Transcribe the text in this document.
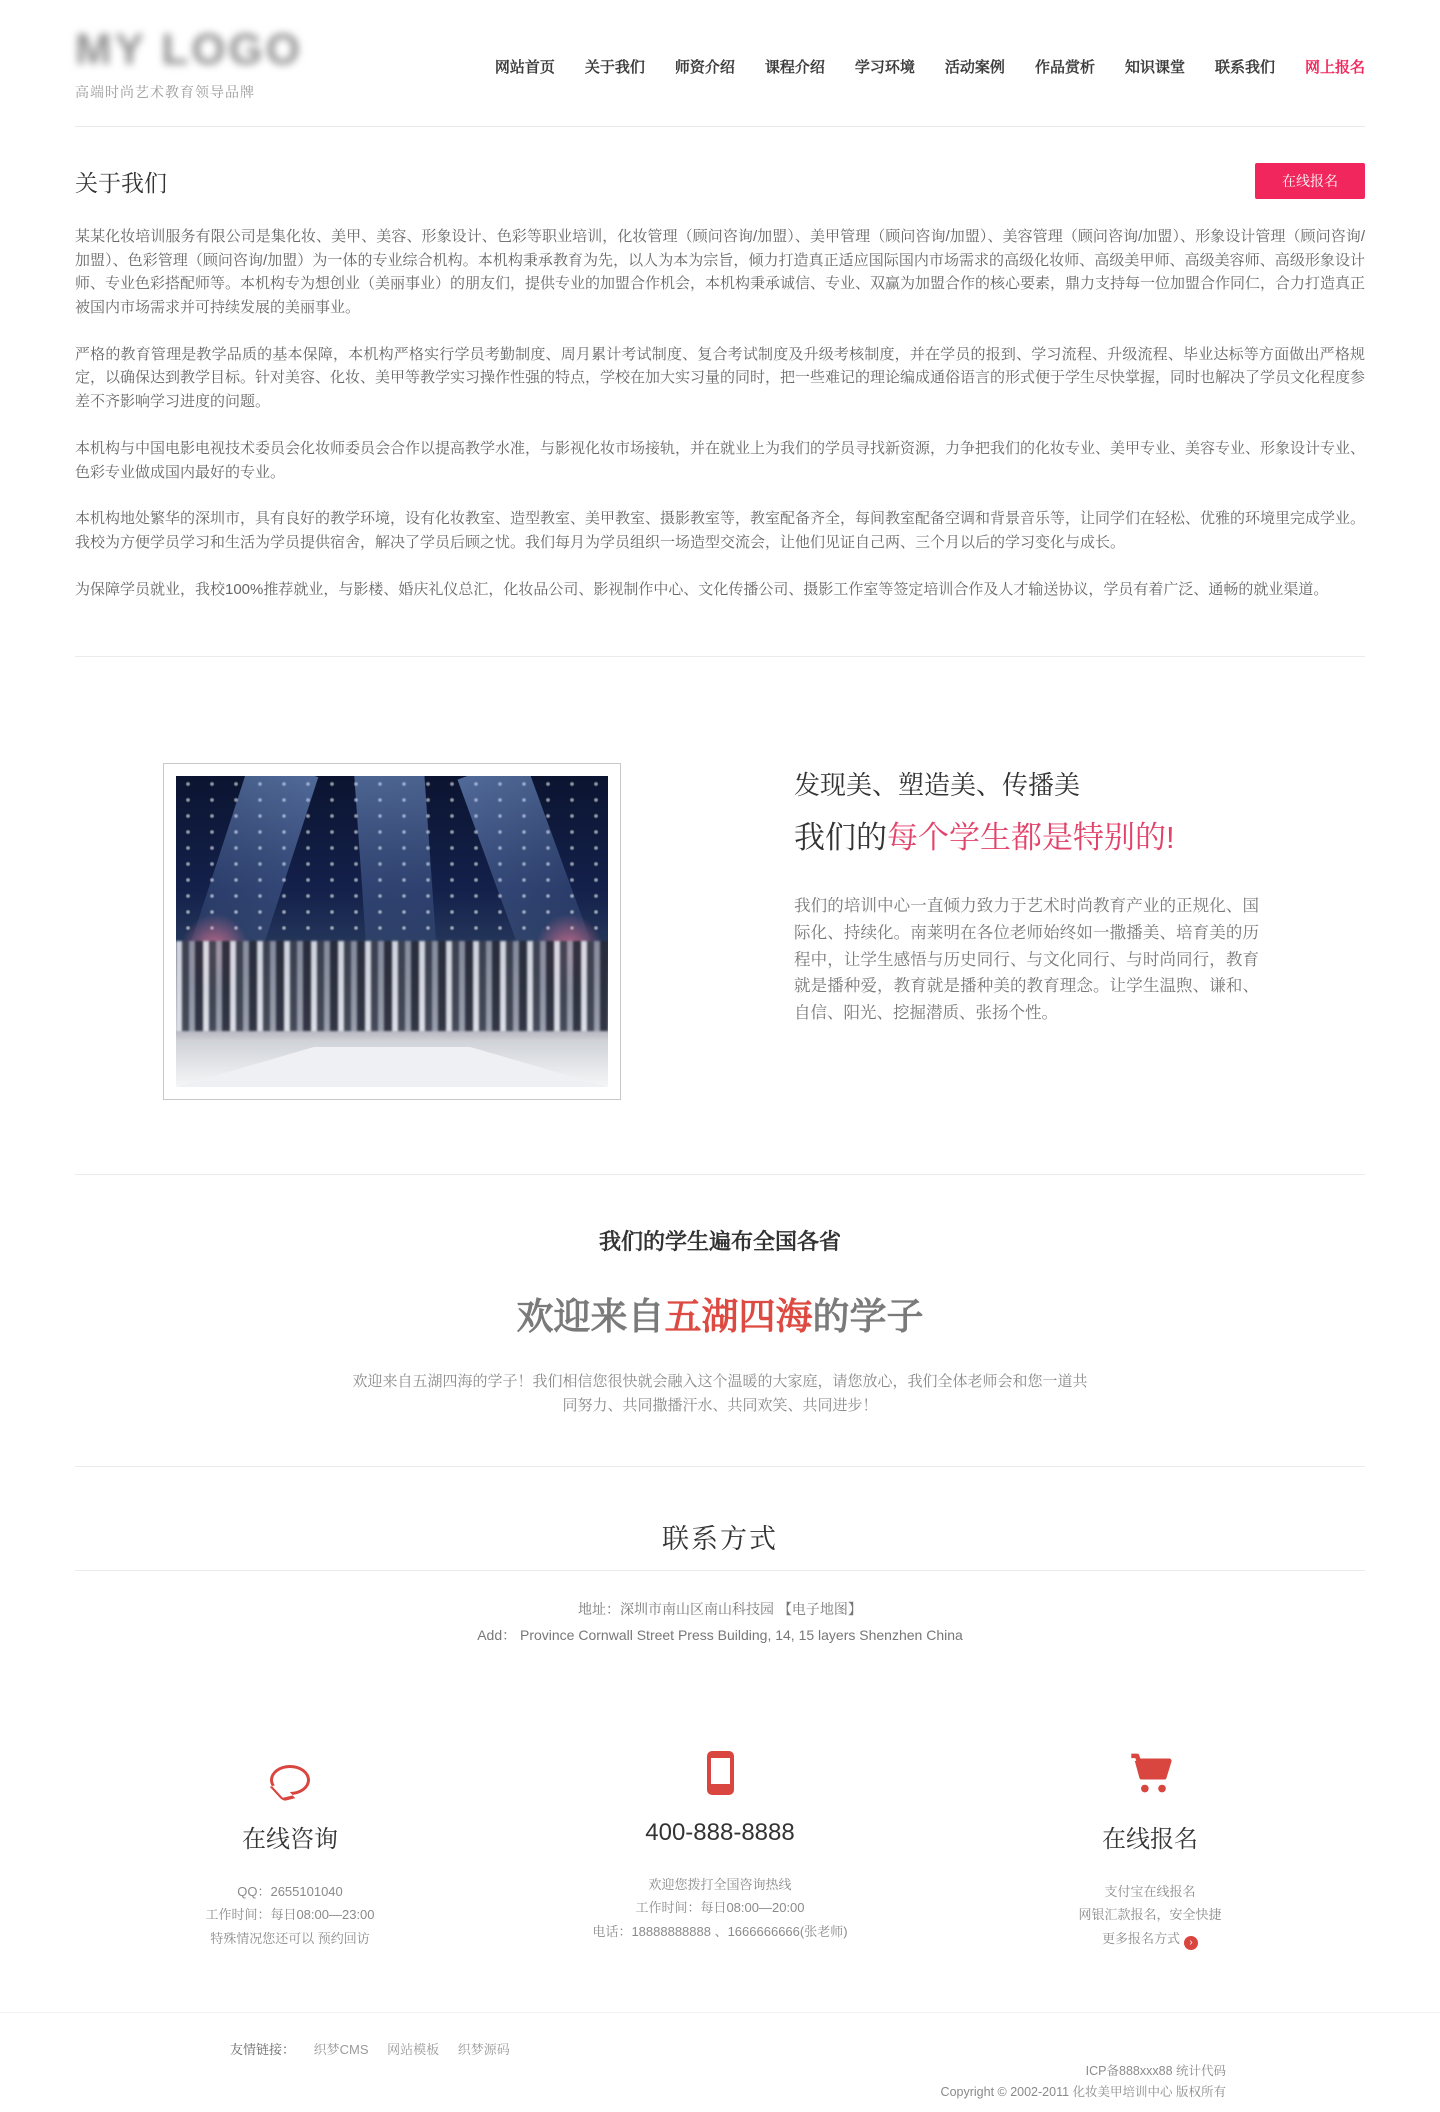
MY LOGO
高端时尚艺术教育领导品牌
网站首页 关于我们 师资介绍 课程介绍 学习环境 活动案例 作品赏析 知识课堂 联系我们 网上报名
关于我们	在线报名

某某化妆培训服务有限公司是集化妆、美甲、美容、形象设计、色彩等职业培训，化妆管理（顾问咨询/加盟）、美甲管理（顾问咨询/加盟）、美容管理（顾问咨询/加盟）、形象设计管理（顾问咨询/加盟）、色彩管理（顾问咨询/加盟）为一体的专业综合机构。本机构秉承教育为先，以人为本为宗旨，倾力打造真正适应国际国内市场需求的高级化妆师、高级美甲师、高级美容师、高级形象设计师、专业色彩搭配师等。本机构专为想创业（美丽事业）的朋友们，提供专业的加盟合作机会，本机构秉承诚信、专业、双赢为加盟合作的核心要素，鼎力支持每一位加盟合作同仁，合力打造真正被国内市场需求并可持续发展的美丽事业。

严格的教育管理是教学品质的基本保障，本机构严格实行学员考勤制度、周月累计考试制度、复合考试制度及升级考核制度，并在学员的报到、学习流程、升级流程、毕业达标等方面做出严格规定，以确保达到教学目标。针对美容、化妆、美甲等教学实习操作性强的特点，学校在加大实习量的同时，把一些难记的理论编成通俗语言的形式便于学生尽快掌握，同时也解决了学员文化程度参差不齐影响学习进度的问题。

本机构与中国电影电视技术委员会化妆师委员会合作以提高教学水准，与影视化妆市场接轨，并在就业上为我们的学员寻找新资源，力争把我们的化妆专业、美甲专业、美容专业、形象设计专业、色彩专业做成国内最好的专业。

本机构地处繁华的深圳市，具有良好的教学环境，设有化妆教室、造型教室、美甲教室、摄影教室等，教室配备齐全，每间教室配备空调和背景音乐等，让同学们在轻松、优雅的环境里完成学业。我校为方便学员学习和生活为学员提供宿舍，解决了学员后顾之忧。我们每月为学员组织一场造型交流会，让他们见证自己两、三个月以后的学习变化与成长。

为保障学员就业，我校100%推荐就业，与影楼、婚庆礼仪总汇，化妆品公司、影视制作中心、文化传播公司、摄影工作室等签定培训合作及人才输送协议，学员有着广泛、通畅的就业渠道。

发现美、塑造美、传播美
我们的每个学生都是特别的!

我们的培训中心一直倾力致力于艺术时尚教育产业的正规化、国际化、持续化。南莱明在各位老师始终如一撒播美、培育美的历程中，让学生感悟与历史同行、与文化同行、与时尚同行，教育就是播种爱，教育就是播种美的教育理念。让学生温煦、谦和、自信、阳光、挖掘潜质、张扬个性。

我们的学生遍布全国各省
欢迎来自五湖四海的学子

欢迎来自五湖四海的学子！我们相信您很快就会融入这个温暖的大家庭，请您放心，我们全体老师会和您一道共同努力、共同撒播汗水、共同欢笑、共同进步！

联系方式
地址：深圳市南山区南山科技园 【电子地图】
Add： Province Cornwall Street Press Building, 14, 15 layers Shenzhen China
在线咨询
QQ：2655101040
工作时间：每日08:00—23:00
特殊情况您还可以 预约回访
400-888-8888
欢迎您拨打全国咨询热线
工作时间：每日08:00—20:00
电话：18888888888 、1666666666(张老师)
在线报名
支付宝在线报名
网银汇款报名，安全快捷
更多报名方式 ›
友情链接： 织梦CMS 网站模板 织梦源码
ICP备888xxx88 统计代码
Copyright © 2002-2011 化妆美甲培训中心 版权所有
